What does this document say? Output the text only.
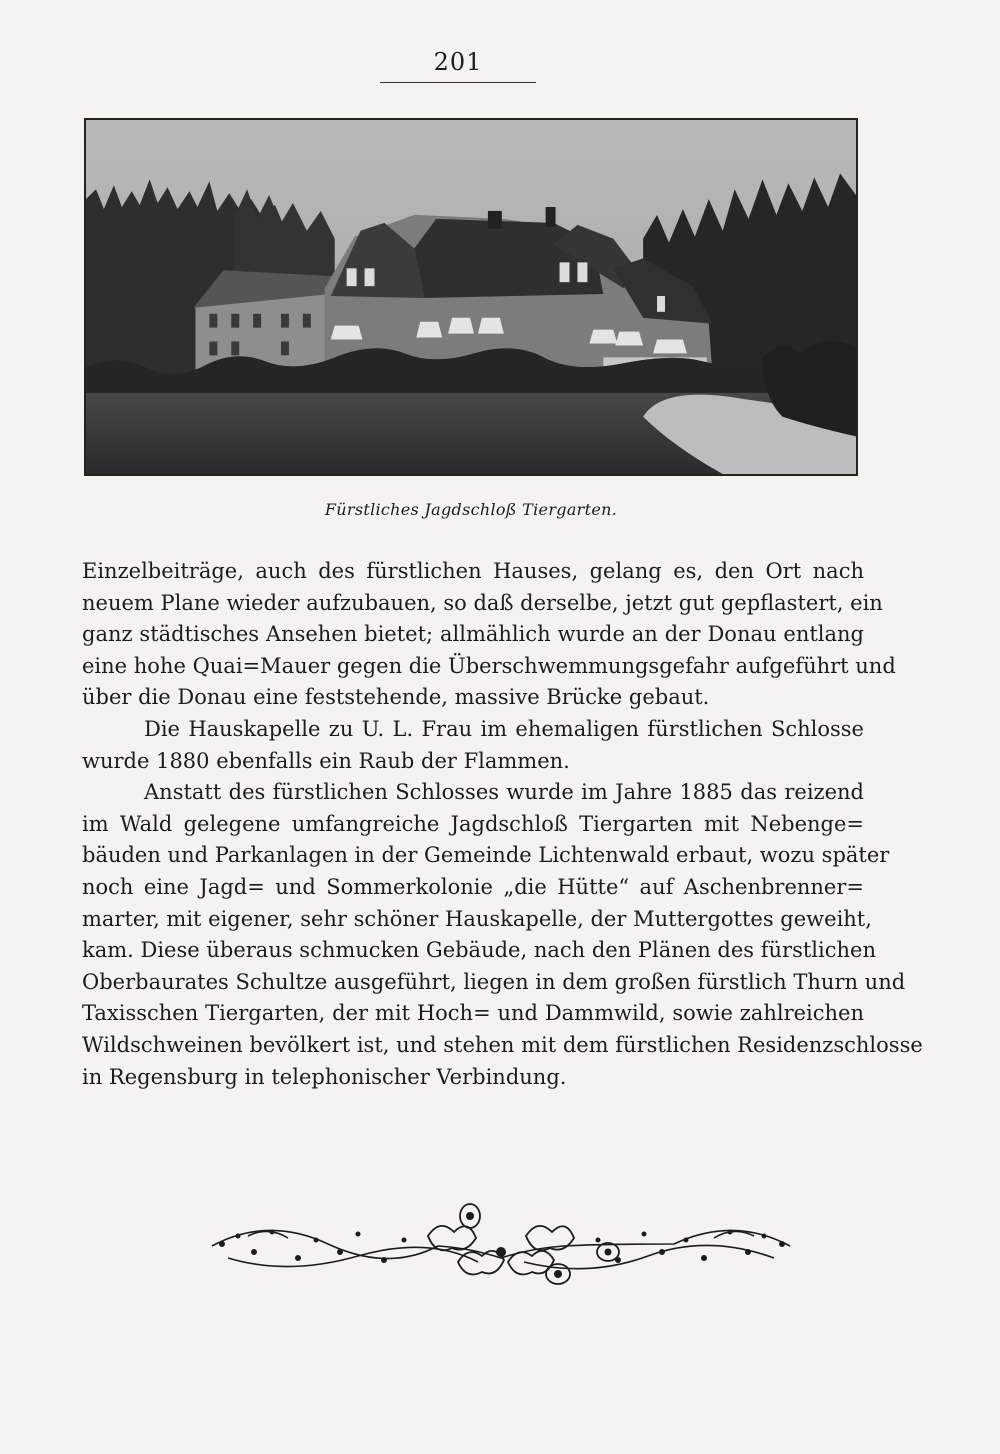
201
Fürstliches Jagdschloß Tiergarten.

Einzelbeiträge, auch des fürstlichen Hauses, gelang es, den Ort nach
neuem Plane wieder aufzubauen, so daß derselbe, jetzt gut gepflastert, ein
ganz städtisches Ansehen bietet; allmählich wurde an der Donau entlang
eine hohe Quai=Mauer gegen die Überschwemmungsgefahr aufgeführt und
über die Donau eine feststehende, massive Brücke gebaut.

Die Hauskapelle zu U. L. Frau im ehemaligen fürstlichen Schlosse
wurde 1880 ebenfalls ein Raub der Flammen.

Anstatt des fürstlichen Schlosses wurde im Jahre 1885 das reizend
im Wald gelegene umfangreiche Jagdschloß Tiergarten mit Nebenge=
bäuden und Parkanlagen in der Gemeinde Lichtenwald erbaut, wozu später
noch eine Jagd= und Sommerkolonie „die Hütte“ auf Aschenbrenner=
marter, mit eigener, sehr schöner Hauskapelle, der Muttergottes geweiht,
kam. Diese überaus schmucken Gebäude, nach den Plänen des fürstlichen
Oberbaurates Schultze ausgeführt, liegen in dem großen fürstlich Thurn und
Taxisschen Tiergarten, der mit Hoch= und Dammwild, sowie zahlreichen
Wildschweinen bevölkert ist, und stehen mit dem fürstlichen Residenzschlosse
in Regensburg in telephonischer Verbindung.
